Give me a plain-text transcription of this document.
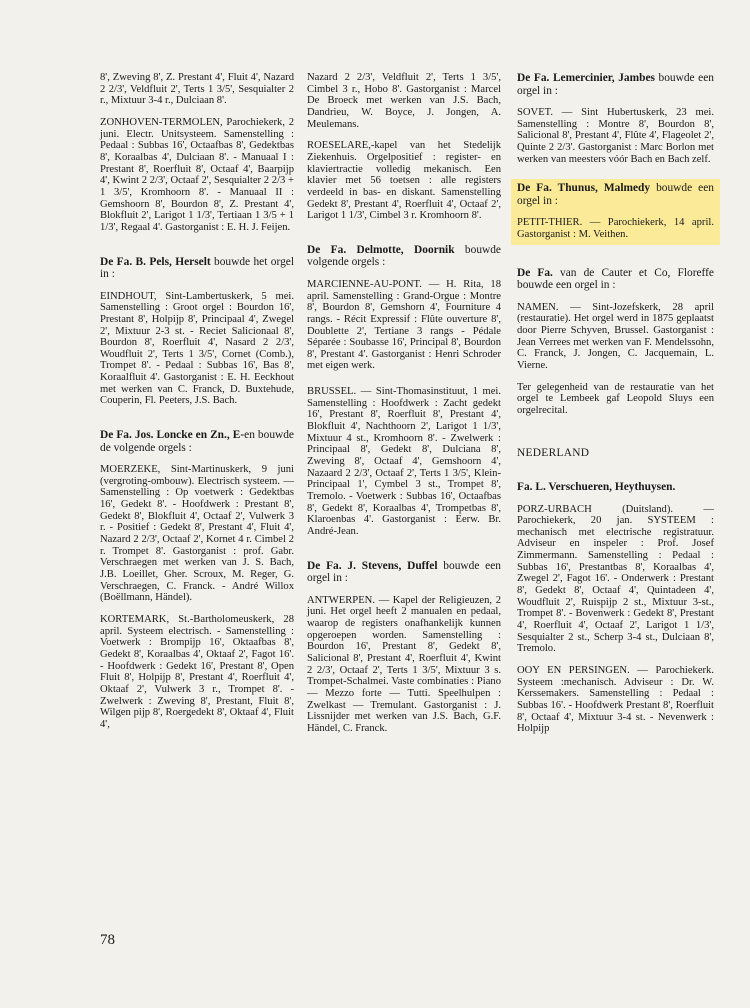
8', Zweving 8', Z. Prestant 4', Fluit 4', Nazard 2 2/3', Veldfluit 2', Terts 1 3/5', Sesquialter 2 r., Mixtuur 3-4 r., Dulciaan 8'.

ZONHOVEN-TERMOLEN, Parochiekerk, 2 juni. Electr. Unitsysteem. Samenstelling : Pedaal : Subbas 16', Octaafbas 8', Gedektbas 8', Koraalbas 4', Dulciaan 8'. - Manuaal I : Prestant 8', Roerfluit 8', Octaaf 4', Baarpijp 4', Kwint 2 2/3', Octaaf 2', Sesquialter 2 2/3 + 1 3/5', Kromhoorn 8'. - Manuaal II : Gemshoorn 8', Bourdon 8', Z. Prestant 4', Blokfluit 2', Larigot 1 1/3', Tertiaan 1 3/5 + 1 1/3', Regaal 4'. Gastorganist : E. H. J. Feijen.

De Fa. B. Pels, Herselt bouwde het orgel in :

EINDHOUT, Sint-Lambertuskerk, 5 mei. Samenstelling : Groot orgel : Bourdon 16', Prestant 8', Holpijp 8', Principaal 4', Zwegel 2', Mixtuur 2-3 st. - Reciet Salicionaal 8', Bourdon 8', Roerfluit 4', Nasard 2 2/3', Woudfluit 2', Terts 1 3/5', Cornet (Comb.), Trompet 8'. - Pedaal : Subbas 16', Bas 8', Koraalfluit 4'. Gastorganist : E. H. Eeckhout met werken van C. Franck, D. Buxtehude, Couperin, Fl. Peeters, J.S. Bach.

De Fa. Jos. Loncke en Zn., E-en bouwde de volgende orgels :

MOERZEKE, Sint-Martinuskerk, 9 juni (vergroting-ombouw). Electrisch systeem. — Samenstelling : Op voetwerk : Gedektbas 16', Gedekt 8'. - Hoofdwerk : Prestant 8', Gedekt 8', Blokfluit 4', Octaaf 2', Vulwerk 3 r. - Positief : Gedekt 8', Prestant 4', Fluit 4', Nazard 2 2/3', Octaaf 2', Kornet 4 r. Cimbel 2 r. Trompet 8'. Gastorganist : prof. Gabr. Verschraegen met werken van J. S. Bach, J.B. Loeillet, Gher. Scroux, M. Reger, G. Verschraegen, C. Franck. - André Willox (Boëllmann, Händel).

KORTEMARK, St.-Bartholomeuskerk, 28 april. Systeem electrisch. - Samenstelling : Voetwerk : Brompijp 16', Oktaafbas 8', Gedekt 8', Koraalbas 4', Oktaaf 2', Fagot 16'. - Hoofdwerk : Gedekt 16', Prestant 8', Open Fluit 8', Holpijp 8', Prestant 4', Roerfluit 4', Oktaaf 2', Vulwerk 3 r., Trompet 8'. - Zwelwerk : Zweving 8', Prestant, Fluit 8', Wilgen pijp 8', Roergedekt 8', Oktaaf 4', Fluit 4',

Nazard 2 2/3', Veldfluit 2', Terts 1 3/5', Cimbel 3 r., Hobo 8'. Gastorganist : Marcel De Broeck met werken van J.S. Bach, Dandrieu, W. Boyce, J. Jongen, A. Meulemans.

ROESELARE,-kapel van het Stedelijk Ziekenhuis. Orgelpositief : register- en klaviertractie volledig mekanisch. Een klavier met 56 toetsen : alle registers verdeeld in bas- en diskant. Samenstelling Gedekt 8', Prestant 4', Roerfluit 4', Octaaf 2', Larigot 1 1/3', Cimbel 3 r. Kromhoorn 8'.

De Fa. Delmotte, Doornik bouwde volgende orgels :

MARCIENNE-AU-PONT. — H. Rita, 18 april. Samenstelling : Grand-Orgue : Montre 8', Bourdon 8', Gemshorn 4', Fourniture 4 rangs. - Récit Expressif : Flûte ouverture 8', Doublette 2', Tertiane 3 rangs - Pédale Séparée : Soubasse 16', Principal 8', Bourdon 8', Prestant 4'. Gastorganist : Henri Schroder met eigen werk.

BRUSSEL. — Sint-Thomasinstituut, 1 mei. Samenstelling : Hoofdwerk : Zacht gedekt 16', Prestant 8', Roerfluit 8', Prestant 4', Blokfluit 4', Nachthoorn 2', Larigot 1 1/3', Mixtuur 4 st., Kromhoorn 8'. - Zwelwerk : Principaal 8', Gedekt 8', Dulciana 8', Zweving 8', Octaaf 4', Gemshoorn 4', Nazaard 2 2/3', Octaaf 2', Terts 1 3/5', Klein-Principaal 1', Cymbel 3 st., Trompet 8', Tremolo. - Voetwerk : Subbas 16', Octaafbas 8', Gedekt 8', Koraalbas 4', Trompetbas 8', Klaroenbas 4'. Gastorganist : Eerw. Br. André-Jean.

De Fa. J. Stevens, Duffel bouwde een orgel in :

ANTWERPEN. — Kapel der Religieuzen, 2 juni. Het orgel heeft 2 manualen en pedaal, waarop de registers onafhankelijk kunnen opgeroepen worden. Samenstelling : Bourdon 16', Prestant 8', Gedekt 8', Salicional 8', Prestant 4', Roerfluit 4', Kwint 2 2/3', Octaaf 2', Terts 1 3/5', Mixtuur 3 s. Trompet-Schalmei. Vaste combinaties : Piano — Mezzo forte — Tutti. Speelhulpen : Zwelkast — Tremulant. Gastorganist : J. Lissnijder met werken van J.S. Bach, G.F. Händel, C. Franck.

De Fa. Lemercinier, Jambes bouwde een orgel in :

SOVET. — Sint Hubertuskerk, 23 mei. Samenstelling : Montre 8', Bourdon 8', Salicional 8', Prestant 4', Flûte 4', Flageolet 2', Quinte 2 2/3'. Gastorganist : Marc Borlon met werken van meesters vóór Bach en Bach zelf.

De Fa. Thunus, Malmedy bouwde een orgel in :

PETIT-THIER. — Parochiekerk, 14 april. Gastorganist : M. Veithen.

De Fa. van de Cauter et Co, Floreffe bouwde een orgel in :

NAMEN. — Sint-Jozefskerk, 28 april (restauratie). Het orgel werd in 1875 geplaatst door Pierre Schyven, Brussel. Gastorganist : Jean Verrees met werken van F. Mendelssohn, C. Franck, J. Jongen, C. Jacquemain, L. Vierne.

Ter gelegenheid van de restauratie van het orgel te Lembeek gaf Leopold Sluys een orgelrecital.

NEDERLAND
Fa. L. Verschueren, Heythuysen.

PORZ-URBACH (Duitsland). — Parochiekerk, 20 jan. SYSTEEM : mechanisch met electrische registratuur. Adviseur en inspeler : Prof. Josef Zimmermann. Samenstelling : Pedaal : Subbas 16', Prestantbas 8', Koraalbas 4', Zwegel 2', Fagot 16'. - Onderwerk : Prestant 8', Gedekt 8', Octaaf 4', Quintadeen 4', Woudfluit 2', Ruispijp 2 st., Mixtuur 3-st., Trompet 8'. - Bovenwerk : Gedekt 8', Prestant 4', Roerfluit 4', Octaaf 2', Larigot 1 1/3', Sesquialter 2 st., Scherp 3-4 st., Dulciaan 8', Tremolo.

OOY EN PERSINGEN. — Parochiekerk. Systeem :mechanisch. Adviseur : Dr. W. Kerssemakers. Samenstelling : Pedaal : Subbas 16'. - Hoofdwerk Prestant 8', Roerfluit 8', Octaaf 4', Mixtuur 3-4 st. - Nevenwerk : Holpijp

78
